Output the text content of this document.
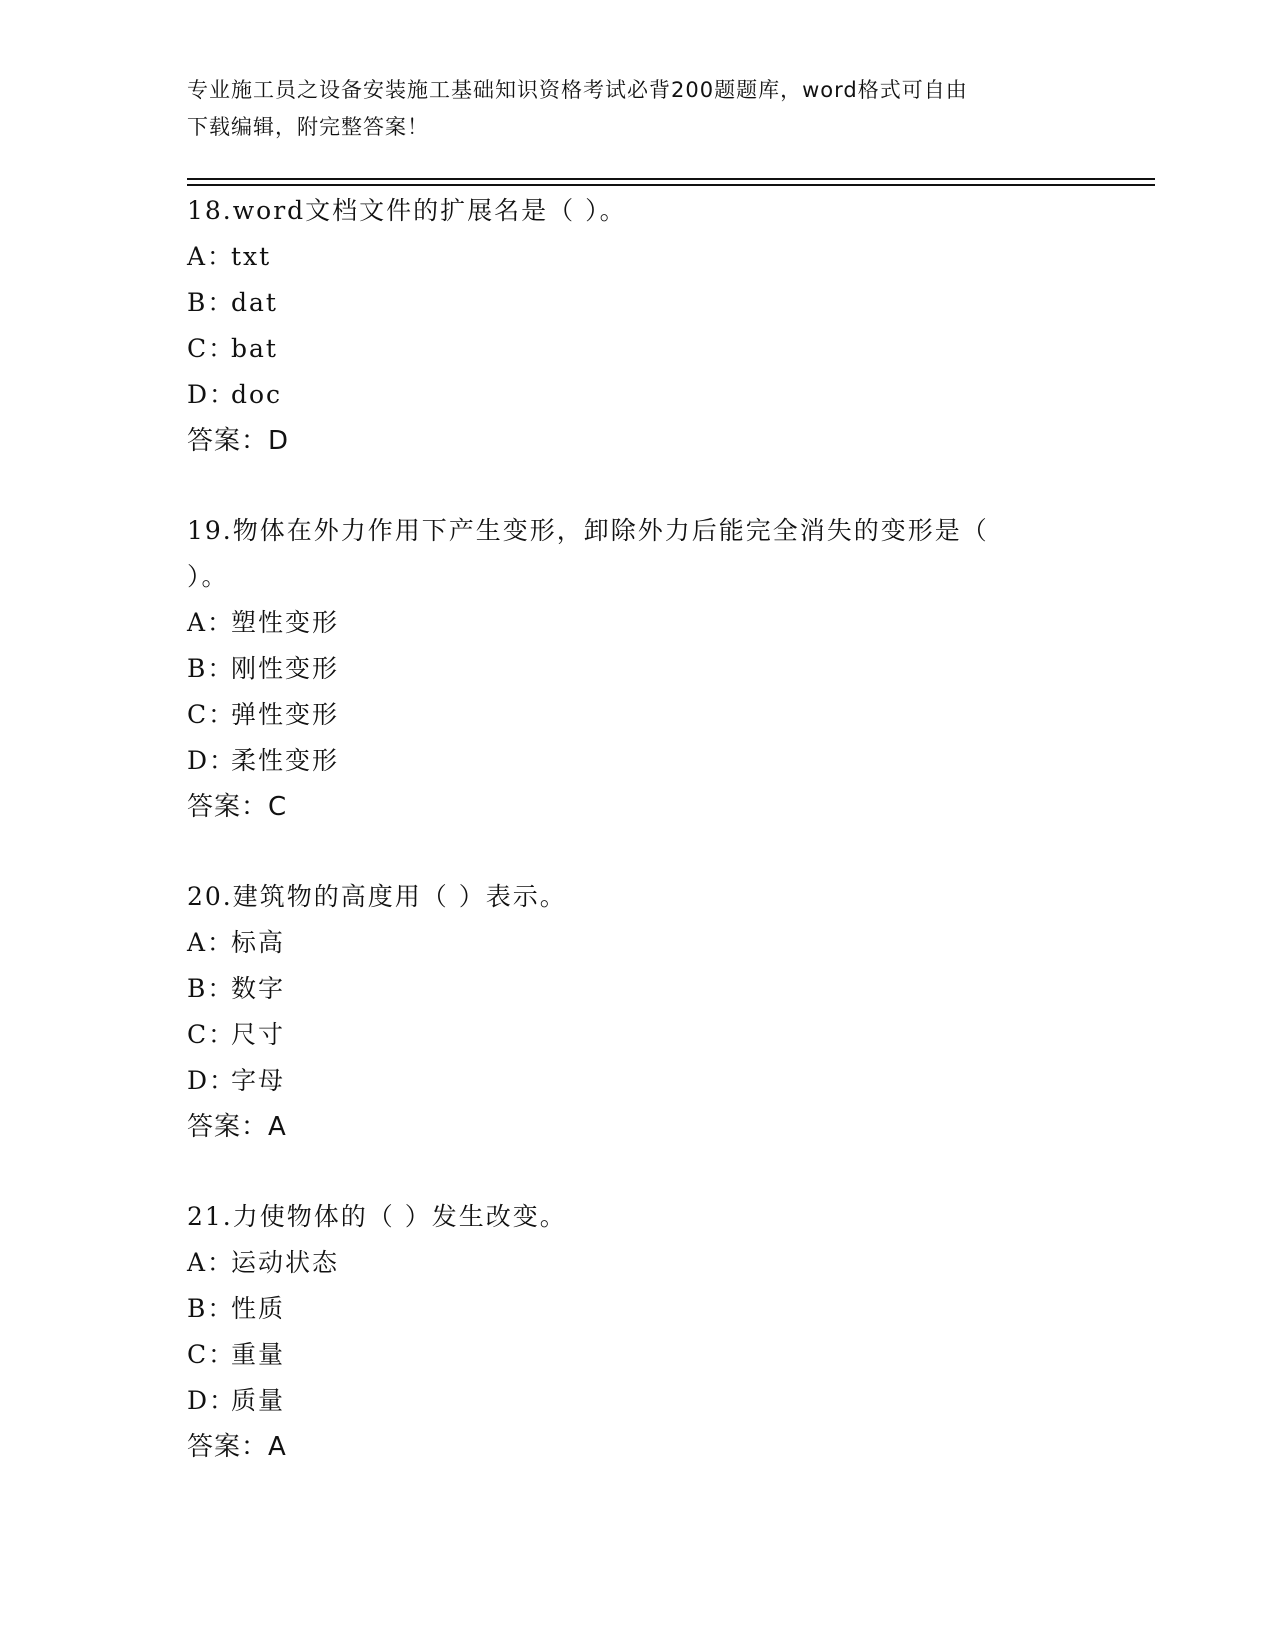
专业施工员之设备安装施工基础知识资格考试必背200题题库，word格式可自由
下载编辑，附完整答案！
18.word文档文件的扩展名是（ ）。
A：txt
B：dat
C：bat
D：doc
答案：D
19.物体在外力作用下产生变形，卸除外力后能完全消失的变形是（
）。
A：塑性变形
B：刚性变形
C：弹性变形
D：柔性变形
答案：C
20.建筑物的高度用（ ）表示。
A：标高
B：数字
C：尺寸
D：字母
答案：A
21.力使物体的（ ）发生改变。
A：运动状态
B：性质
C：重量
D：质量
答案：A
